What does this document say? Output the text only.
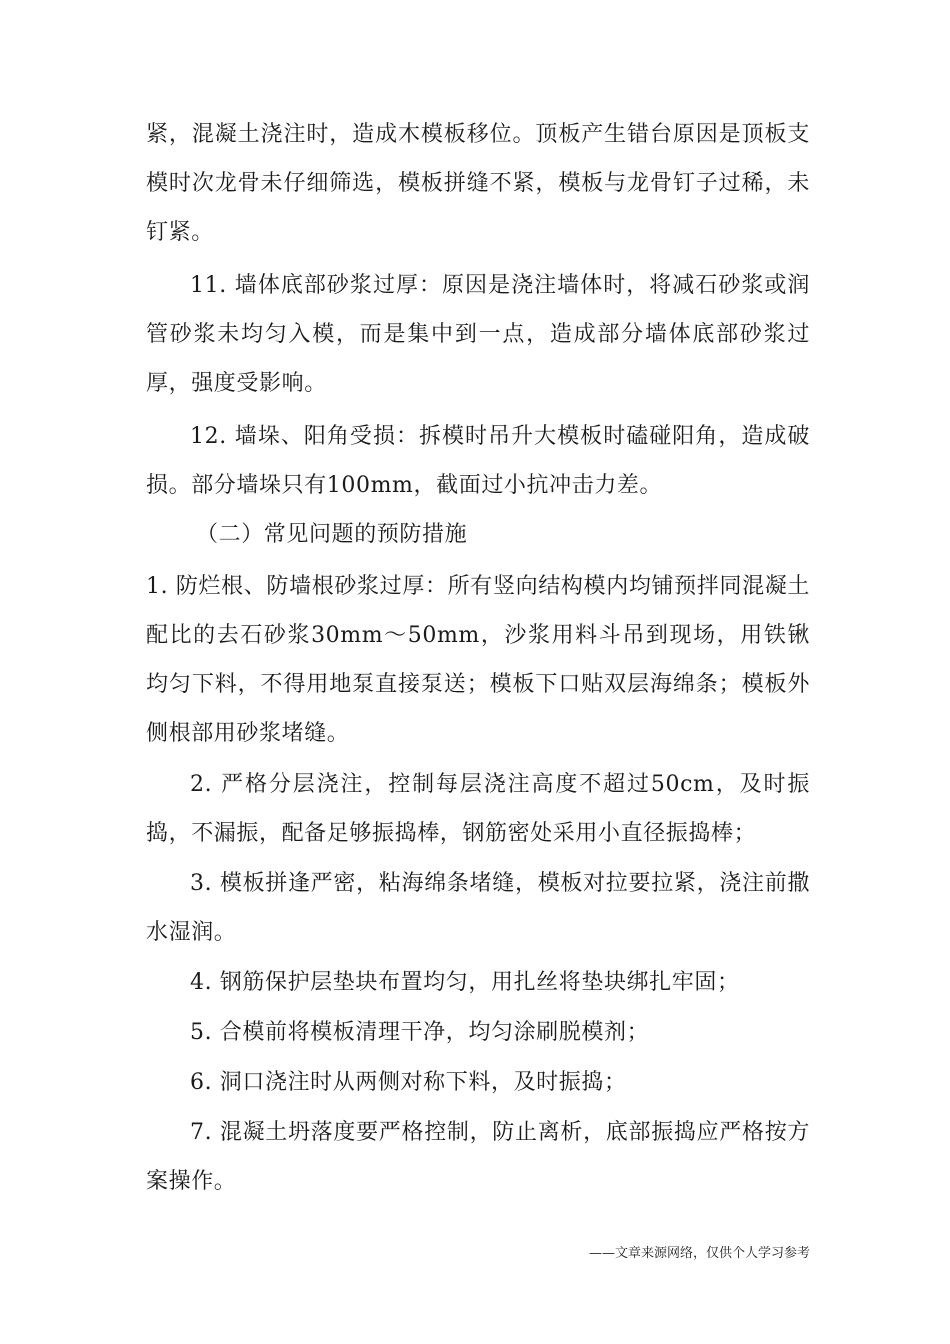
紧，混凝土浇注时，造成木模板移位。顶板产生错台原因是顶板支模时次龙骨未仔细筛选，模板拼缝不紧，模板与龙骨钉子过稀，未钉紧。

11. 墙体底部砂浆过厚：原因是浇注墙体时，将减石砂浆或润管砂浆未均匀入模，而是集中到一点，造成部分墙体底部砂浆过厚，强度受影响。

12. 墙垛、阳角受损：拆模时吊升大模板时磕碰阳角，造成破损。部分墙垛只有100mm，截面过小抗冲击力差。

（二）常见问题的预防措施

1. 防烂根、防墙根砂浆过厚：所有竖向结构模内均铺预拌同混凝土配比的去石砂浆30mm～50mm，沙浆用料斗吊到现场，用铁锹均匀下料，不得用地泵直接泵送；模板下口贴双层海绵条；模板外侧根部用砂浆堵缝。

2. 严格分层浇注，控制每层浇注高度不超过50cm，及时振捣，不漏振，配备足够振捣棒，钢筋密处采用小直径振捣棒；

3. 模板拼逢严密，粘海绵条堵缝，模板对拉要拉紧，浇注前撒水湿润。

4. 钢筋保护层垫块布置均匀，用扎丝将垫块绑扎牢固；

5. 合模前将模板清理干净，均匀涂刷脱模剂；

6. 洞口浇注时从两侧对称下料，及时振捣；

7. 混凝土坍落度要严格控制，防止离析，底部振捣应严格按方案操作。

——文章来源网络，仅供个人学习参考
